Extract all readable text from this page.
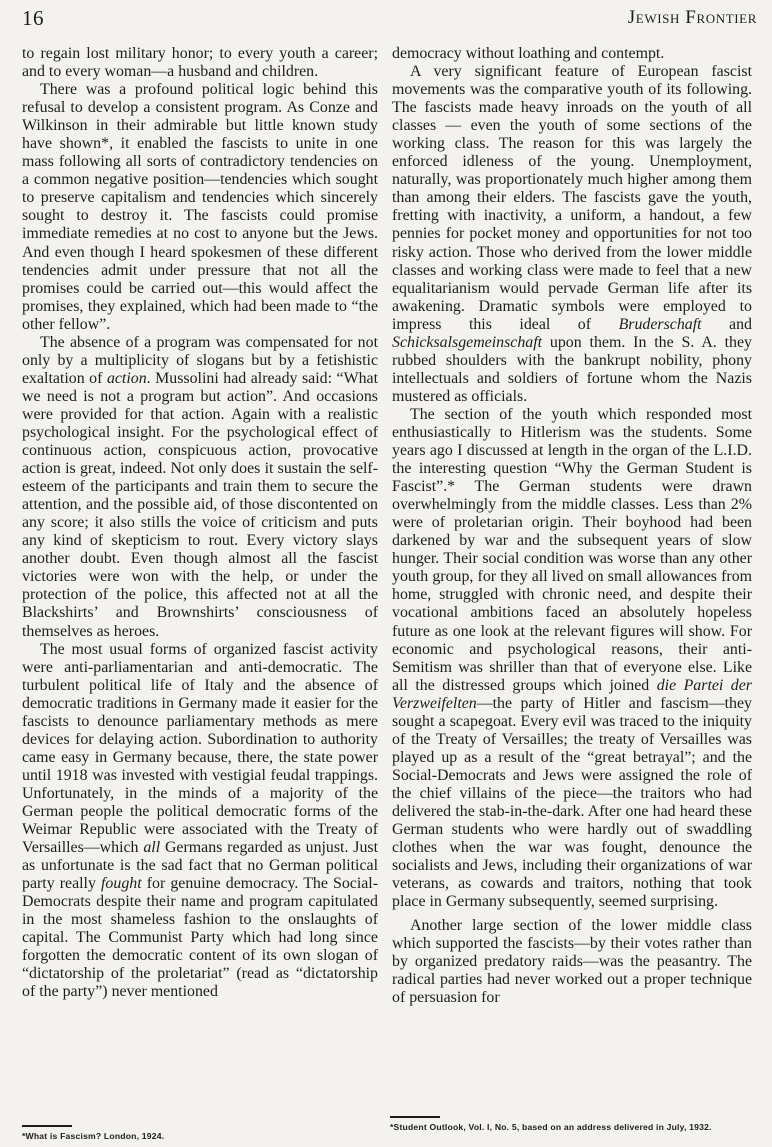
16	Jewish Frontier

to regain lost military honor; to every youth a career; and to every woman—a husband and children.

There was a profound political logic behind this refusal to develop a consistent program. As Conze and Wilkinson in their admirable but little known study have shown*, it enabled the fascists to unite in one mass following all sorts of contradictory tendencies on a common negative position—tendencies which sought to preserve capitalism and tendencies which sincerely sought to destroy it. The fascists could promise immediate remedies at no cost to anyone but the Jews. And even though I heard spokesmen of these different tendencies admit under pressure that not all the promises could be carried out—this would affect the promises, they explained, which had been made to “the other fellow”.

The absence of a program was compensated for not only by a multiplicity of slogans but by a fetishistic exaltation of action. Mussolini had already said: “What we need is not a program but action”. And occasions were provided for that action. Again with a realistic psychological insight. For the psychological effect of continuous action, conspicuous action, provocative action is great, indeed. Not only does it sustain the self-esteem of the participants and train them to secure the attention, and the possible aid, of those discontented on any score; it also stills the voice of criticism and puts any kind of skepticism to rout. Every victory slays another doubt. Even though almost all the fascist victories were won with the help, or under the protection of the police, this affected not at all the Blackshirts’ and Brownshirts’ consciousness of themselves as heroes.

The most usual forms of organized fascist activity were anti-parliamentarian and anti-democratic. The turbulent political life of Italy and the absence of democratic traditions in Germany made it easier for the fascists to denounce parliamentary methods as mere devices for delaying action. Subordination to authority came easy in Germany because, there, the state power until 1918 was invested with vestigial feudal trappings. Unfortunately, in the minds of a majority of the German people the political democratic forms of the Weimar Republic were associated with the Treaty of Versailles—which all Germans regarded as unjust. Just as unfortunate is the sad fact that no German political party really fought for genuine democracy. The Social-Democrats despite their name and program capitulated in the most shameless fashion to the onslaughts of capital. The Communist Party which had long since forgotten the democratic content of its own slogan of “dictatorship of the proletariat” (read as “dictatorship of the party”) never mentioned

democracy without loathing and contempt.

A very significant feature of European fascist movements was the comparative youth of its following. The fascists made heavy inroads on the youth of all classes — even the youth of some sections of the working class. The reason for this was largely the enforced idleness of the young. Unemployment, naturally, was proportionately much higher among them than among their elders. The fascists gave the youth, fretting with inactivity, a uniform, a handout, a few pennies for pocket money and opportunities for not too risky action. Those who derived from the lower middle classes and working class were made to feel that a new equalitarianism would pervade German life after its awakening. Dramatic symbols were employed to impress this ideal of Bruderschaft and Schicksalsgemeinschaft upon them. In the S. A. they rubbed shoulders with the bankrupt nobility, phony intellectuals and soldiers of fortune whom the Nazis mustered as officials.

The section of the youth which responded most enthusiastically to Hitlerism was the students. Some years ago I discussed at length in the organ of the L.I.D. the interesting question “Why the German Student is Fascist”.* The German students were drawn overwhelmingly from the middle classes. Less than 2% were of proletarian origin. Their boyhood had been darkened by war and the subsequent years of slow hunger. Their social condition was worse than any other youth group, for they all lived on small allowances from home, struggled with chronic need, and despite their vocational ambitions faced an absolutely hopeless future as one look at the relevant figures will show. For economic and psychological reasons, their anti-Semitism was shriller than that of everyone else. Like all the distressed groups which joined die Partei der Verzweifelten—the party of Hitler and fascism—they sought a scapegoat. Every evil was traced to the iniquity of the Treaty of Versailles; the treaty of Versailles was played up as a result of the “great betrayal”; and the Social-Democrats and Jews were assigned the role of the chief villains of the piece—the traitors who had delivered the stab-in-the-dark. After one had heard these German students who were hardly out of swaddling clothes when the war was fought, denounce the socialists and Jews, including their organizations of war veterans, as cowards and traitors, nothing that took place in Germany subsequently, seemed surprising.

Another large section of the lower middle class which supported the fascists—by their votes rather than by organized predatory raids—was the peasantry. The radical parties had never worked out a proper technique of persuasion for

*What is Fascism? London, 1924.
*Student Outlook, Vol. I, No. 5, based on an address delivered in July, 1932.
